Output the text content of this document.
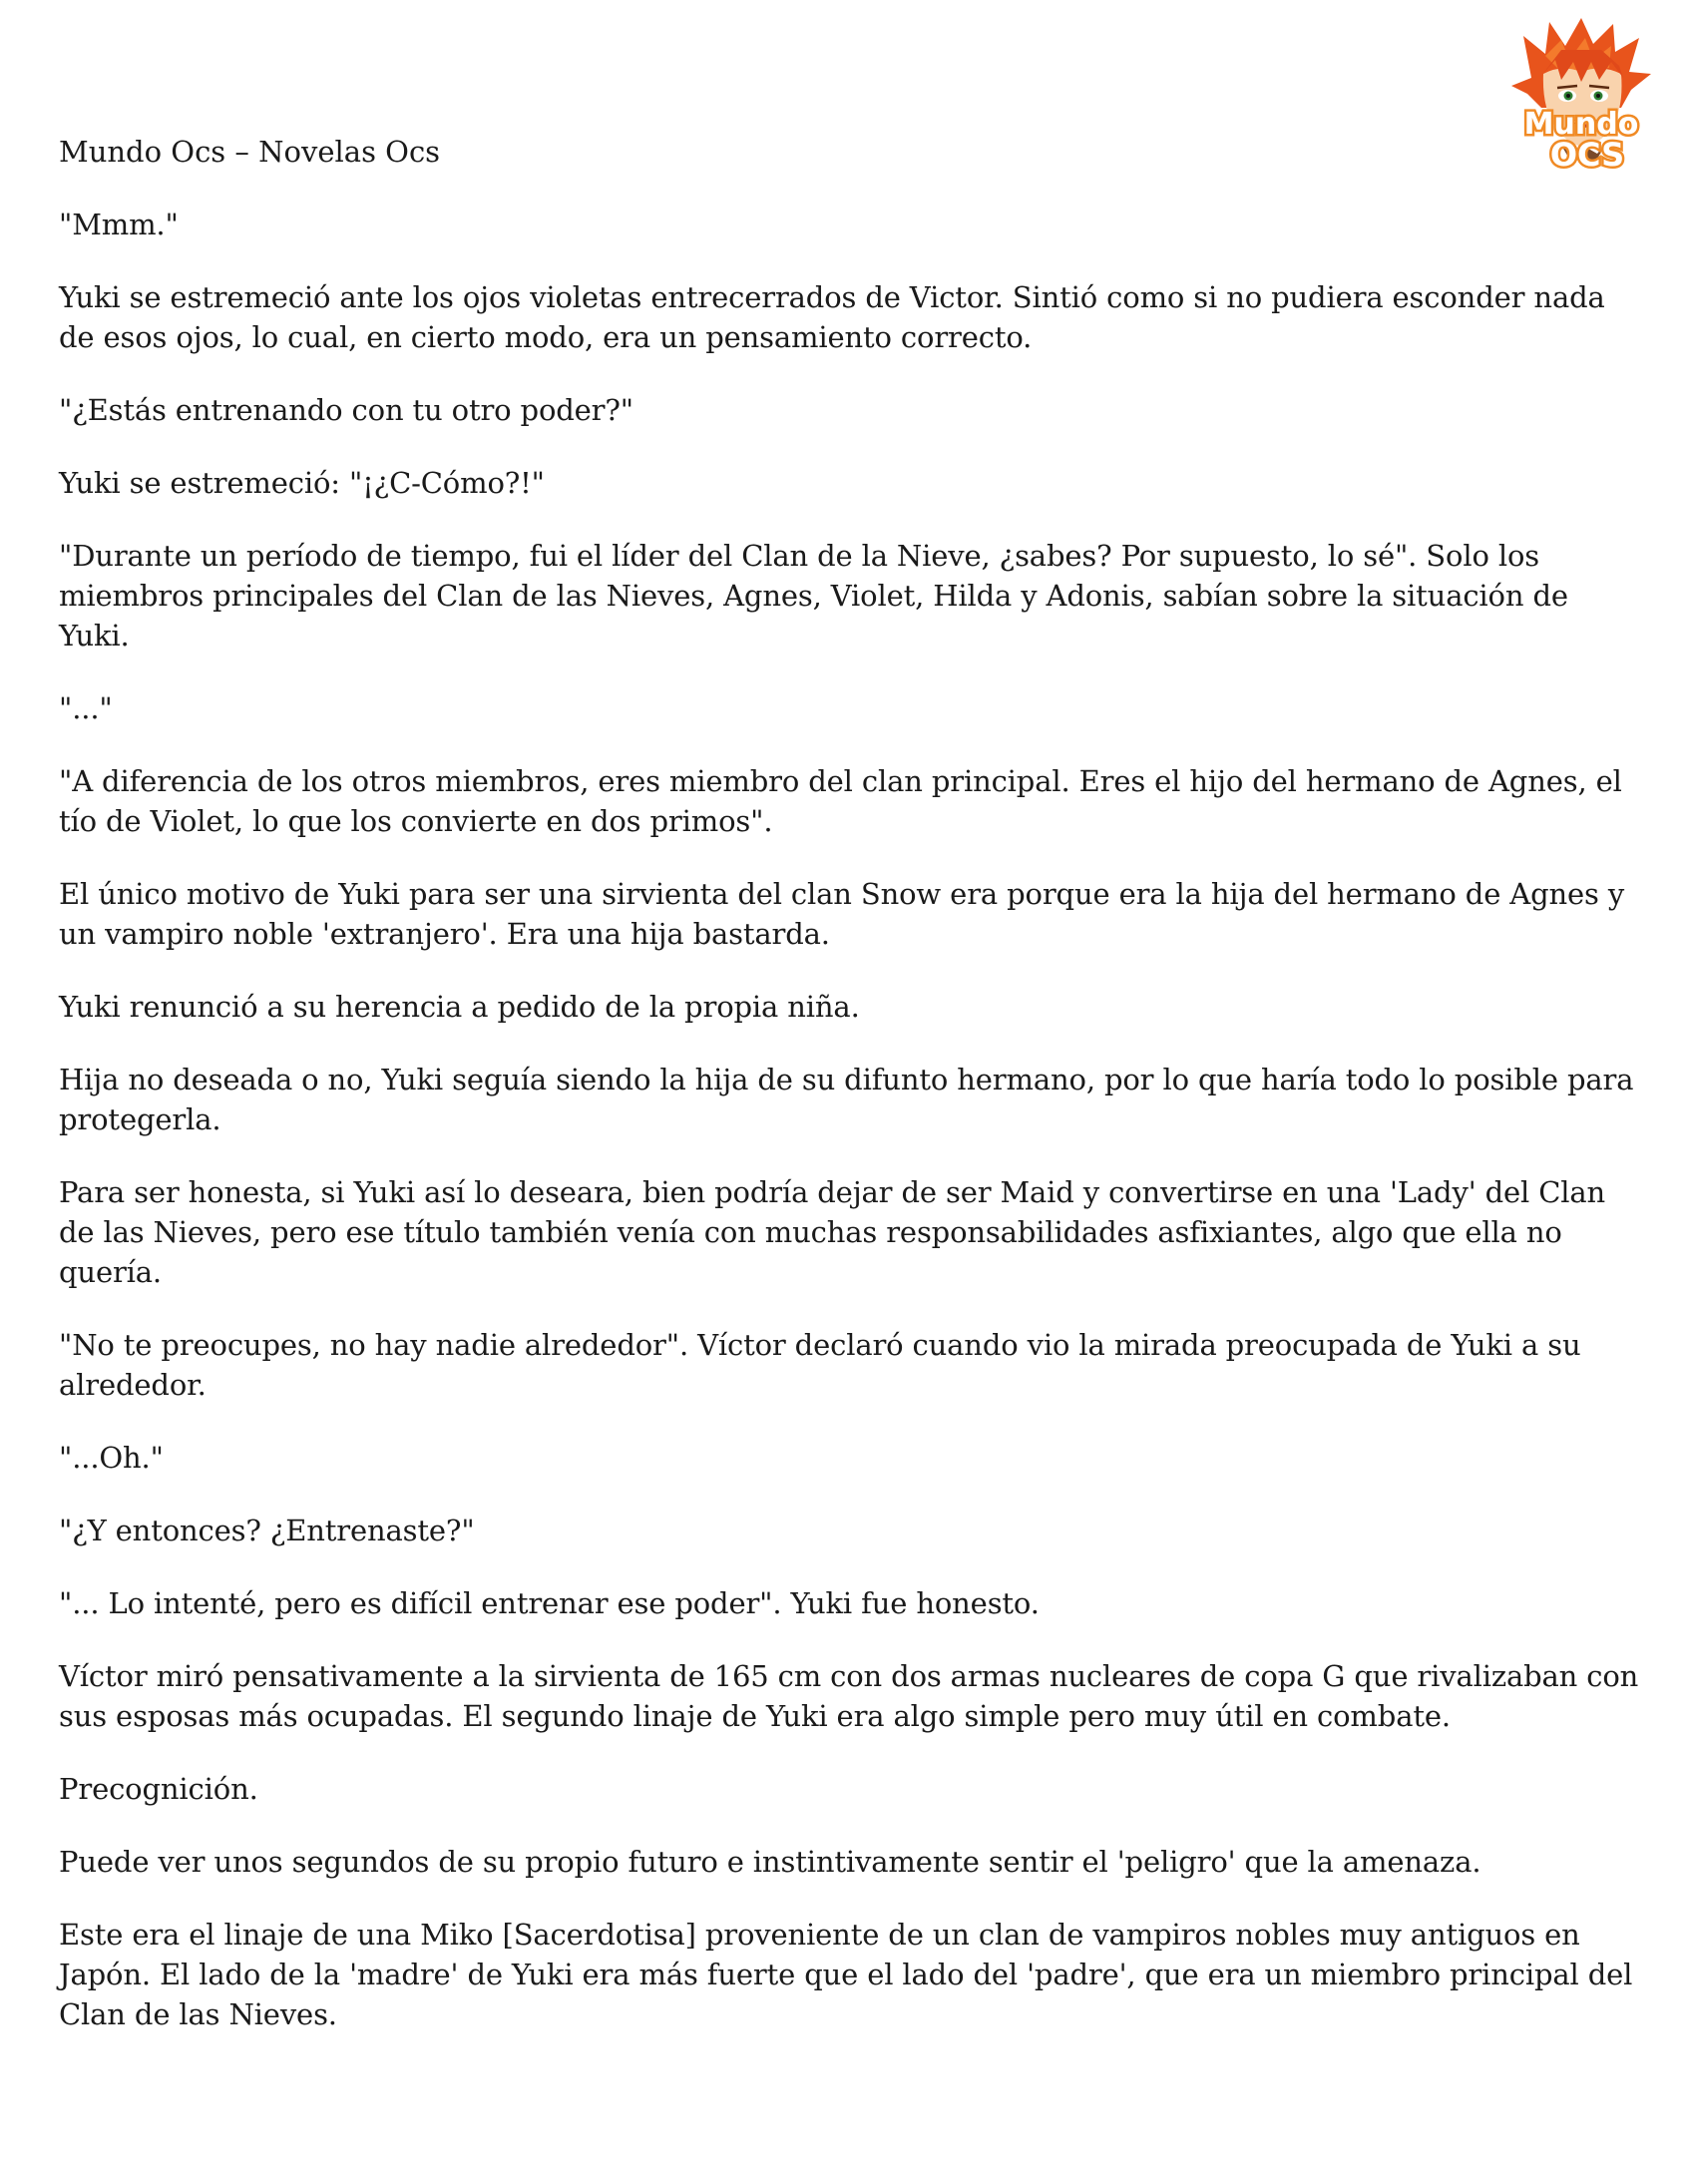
Mundo Ocs – Novelas Ocs
Mundo
OCS

"Mmm."

Yuki se estremeció ante los ojos violetas entrecerrados de Victor. Sintió como si no pudiera esconder nada de esos ojos, lo cual, en cierto modo, era un pensamiento correcto.

"¿Estás entrenando con tu otro poder?"

Yuki se estremeció: "¡¿C-Cómo?!"

"Durante un período de tiempo, fui el líder del Clan de la Nieve, ¿sabes? Por supuesto, lo sé". Solo los miembros principales del Clan de las Nieves, Agnes, Violet, Hilda y Adonis, sabían sobre la situación de Yuki.

"..."

"A diferencia de los otros miembros, eres miembro del clan principal. Eres el hijo del hermano de Agnes, el tío de Violet, lo que los convierte en dos primos".

El único motivo de Yuki para ser una sirvienta del clan Snow era porque era la hija del hermano de Agnes y un vampiro noble 'extranjero'. Era una hija bastarda.

Yuki renunció a su herencia a pedido de la propia niña.

Hija no deseada o no, Yuki seguía siendo la hija de su difunto hermano, por lo que haría todo lo posible para protegerla.

Para ser honesta, si Yuki así lo deseara, bien podría dejar de ser Maid y convertirse en una 'Lady' del Clan de las Nieves, pero ese título también venía con muchas responsabilidades asfixiantes, algo que ella no quería.

"No te preocupes, no hay nadie alrededor". Víctor declaró cuando vio la mirada preocupada de Yuki a su alrededor.

"...Oh."

"¿Y entonces? ¿Entrenaste?"

"... Lo intenté, pero es difícil entrenar ese poder". Yuki fue honesto.

Víctor miró pensativamente a la sirvienta de 165 cm con dos armas nucleares de copa G que rivalizaban con sus esposas más ocupadas. El segundo linaje de Yuki era algo simple pero muy útil en combate.

Precognición.

Puede ver unos segundos de su propio futuro e instintivamente sentir el 'peligro' que la amenaza.

Este era el linaje de una Miko [Sacerdotisa] proveniente de un clan de vampiros nobles muy antiguos en Japón. El lado de la 'madre' de Yuki era más fuerte que el lado del 'padre', que era un miembro principal del Clan de las Nieves.
